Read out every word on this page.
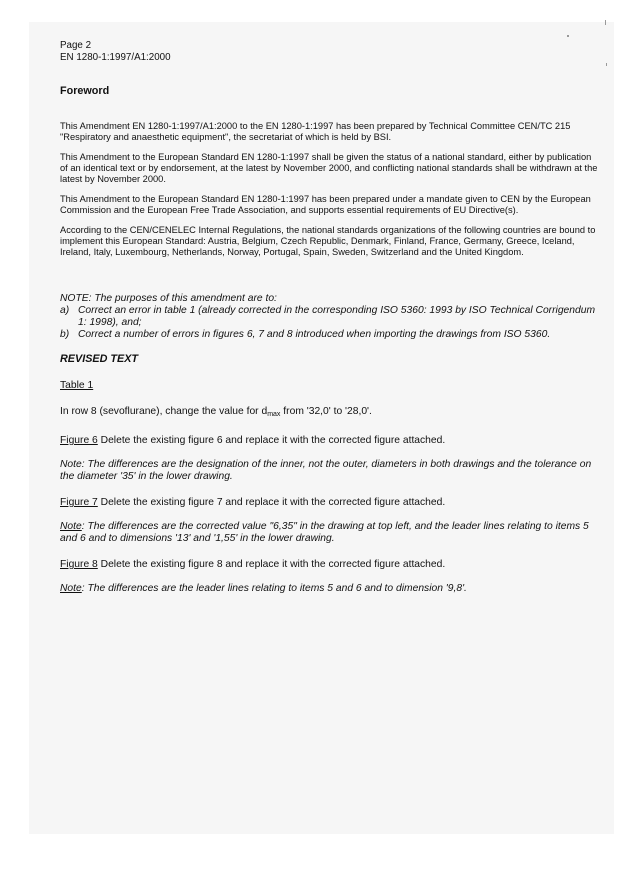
Page 2
EN 1280-1:1997/A1:2000
Foreword

This Amendment EN 1280-1:1997/A1:2000 to the EN 1280-1:1997 has been prepared by Technical Committee CEN/TC 215 "Respiratory and anaesthetic equipment", the secretariat of which is held by BSI.

This Amendment to the European Standard EN 1280-1:1997 shall be given the status of a national standard, either by publication of an identical text or by endorsement, at the latest by November 2000, and conflicting national standards shall be withdrawn at the latest by November 2000.

This Amendment to the European Standard EN 1280-1:1997 has been prepared under a mandate given to CEN by the European Commission and the European Free Trade Association, and supports essential requirements of EU Directive(s).

According to the CEN/CENELEC Internal Regulations, the national standards organizations of the following countries are bound to implement this European Standard: Austria, Belgium, Czech Republic, Denmark, Finland, France, Germany, Greece, Iceland, Ireland, Italy, Luxembourg, Netherlands, Norway, Portugal, Spain, Sweden, Switzerland and the United Kingdom.

NOTE: The purposes of this amendment are to:
a) Correct an error in table 1 (already corrected in the corresponding ISO 5360: 1993 by ISO Technical Corrigendum 1: 1998), and;
b) Correct a number of errors in figures 6, 7 and 8 introduced when importing the drawings from ISO 5360.
REVISED TEXT
Table 1
In row 8 (sevoflurane), change the value for $d_{max}$ from '32,0' to '28,0'.
Figure 6 Delete the existing figure 6 and replace it with the corrected figure attached.
Note: The differences are the designation of the inner, not the outer, diameters in both drawings and the tolerance on the diameter '35' in the lower drawing.
Figure 7 Delete the existing figure 7 and replace it with the corrected figure attached.
Note: The differences are the corrected value "6,35" in the drawing at top left, and the leader lines relating to items 5 and 6 and to dimensions '13' and '1,55' in the lower drawing.
Figure 8 Delete the existing figure 8 and replace it with the corrected figure attached.
Note: The differences are the leader lines relating to items 5 and 6 and to dimension '9,8'.
